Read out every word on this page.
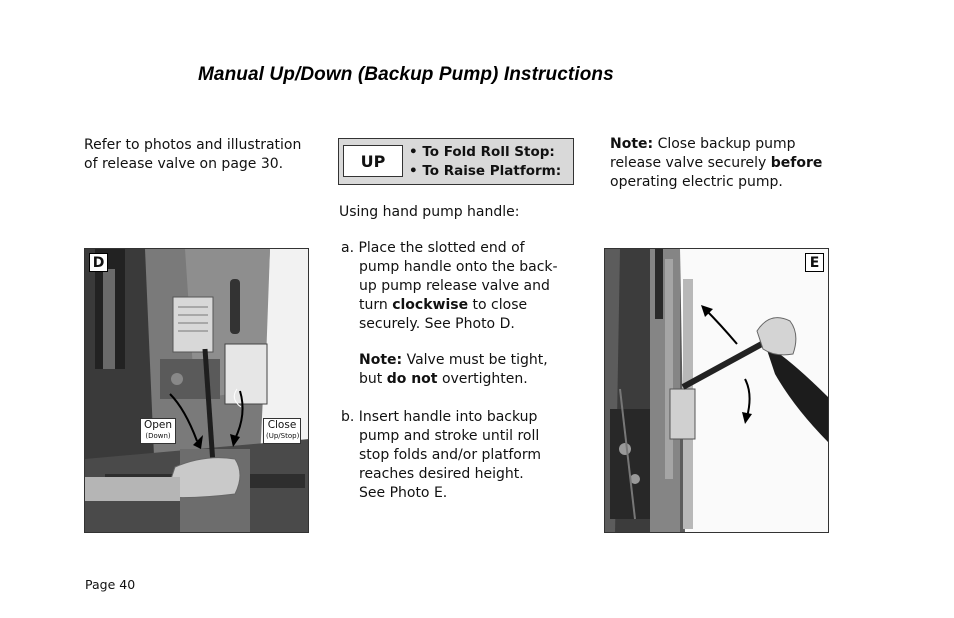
Manual Up/Down (Backup Pump) Instructions
Refer to photos and illustration
of release valve on page 30.	UP	• To Fold Roll Stop:
• To Raise Platform:
Note: Close backup pump
release valve securely before
operating electric pump.
Using hand pump handle:
a. Place the slotted end of
pump handle onto the back-
up pump release valve and
turn clockwise to close
securely. See Photo D.
Note: Valve must be tight,
but do not overtighten.
b. Insert handle into backup
pump and stroke until roll
stop folds and/or platform
reaches desired height.
See Photo E.
D
Open
(Down)
Close
(Up/Stop)
E
Page 40
